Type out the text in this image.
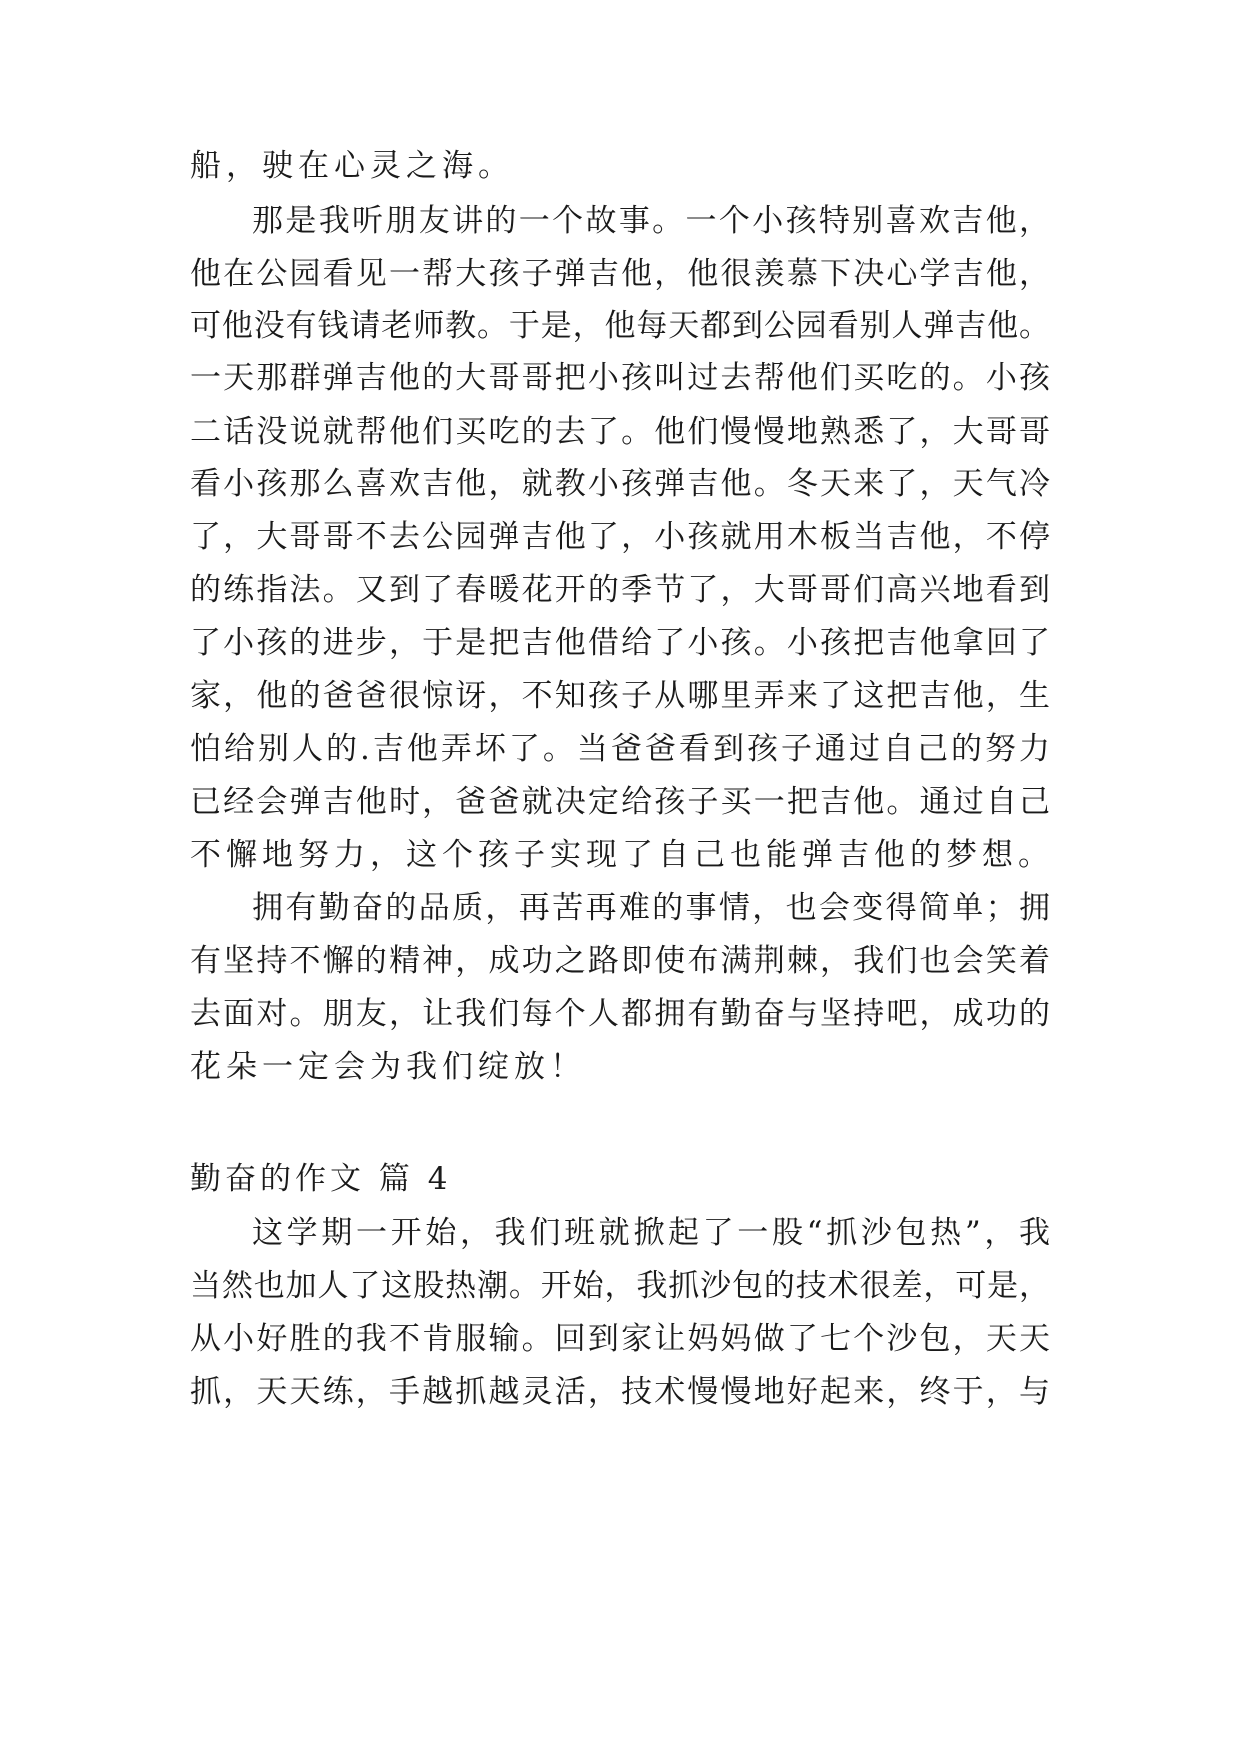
船，驶在心灵之海。
那是我听朋友讲的一个故事。一个小孩特别喜欢吉他，
他在公园看见一帮大孩子弹吉他，他很羡慕下决心学吉他，
可他没有钱请老师教。于是，他每天都到公园看别人弹吉他。
一天那群弹吉他的大哥哥把小孩叫过去帮他们买吃的。小孩
二话没说就帮他们买吃的去了。他们慢慢地熟悉了，大哥哥
看小孩那么喜欢吉他，就教小孩弹吉他。冬天来了，天气冷
了，大哥哥不去公园弹吉他了，小孩就用木板当吉他，不停
的练指法。又到了春暖花开的季节了，大哥哥们高兴地看到
了小孩的进步，于是把吉他借给了小孩。小孩把吉他拿回了
家，他的爸爸很惊讶，不知孩子从哪里弄来了这把吉他，生
怕给别人的.吉他弄坏了。当爸爸看到孩子通过自己的努力
已经会弹吉他时，爸爸就决定给孩子买一把吉他。通过自己
不懈地努力，这个孩子实现了自己也能弹吉他的梦想。
拥有勤奋的品质，再苦再难的事情，也会变得简单；拥
有坚持不懈的精神，成功之路即使布满荆棘，我们也会笑着
去面对。朋友，让我们每个人都拥有勤奋与坚持吧，成功的
花朵一定会为我们绽放！
勤奋的作文 篇 4
这学期一开始，我们班就掀起了一股“抓沙包热”，我
当然也加人了这股热潮。开始，我抓沙包的技术很差，可是，
从小好胜的我不肯服输。回到家让妈妈做了七个沙包，天天
抓，天天练，手越抓越灵活，技术慢慢地好起来，终于，与
